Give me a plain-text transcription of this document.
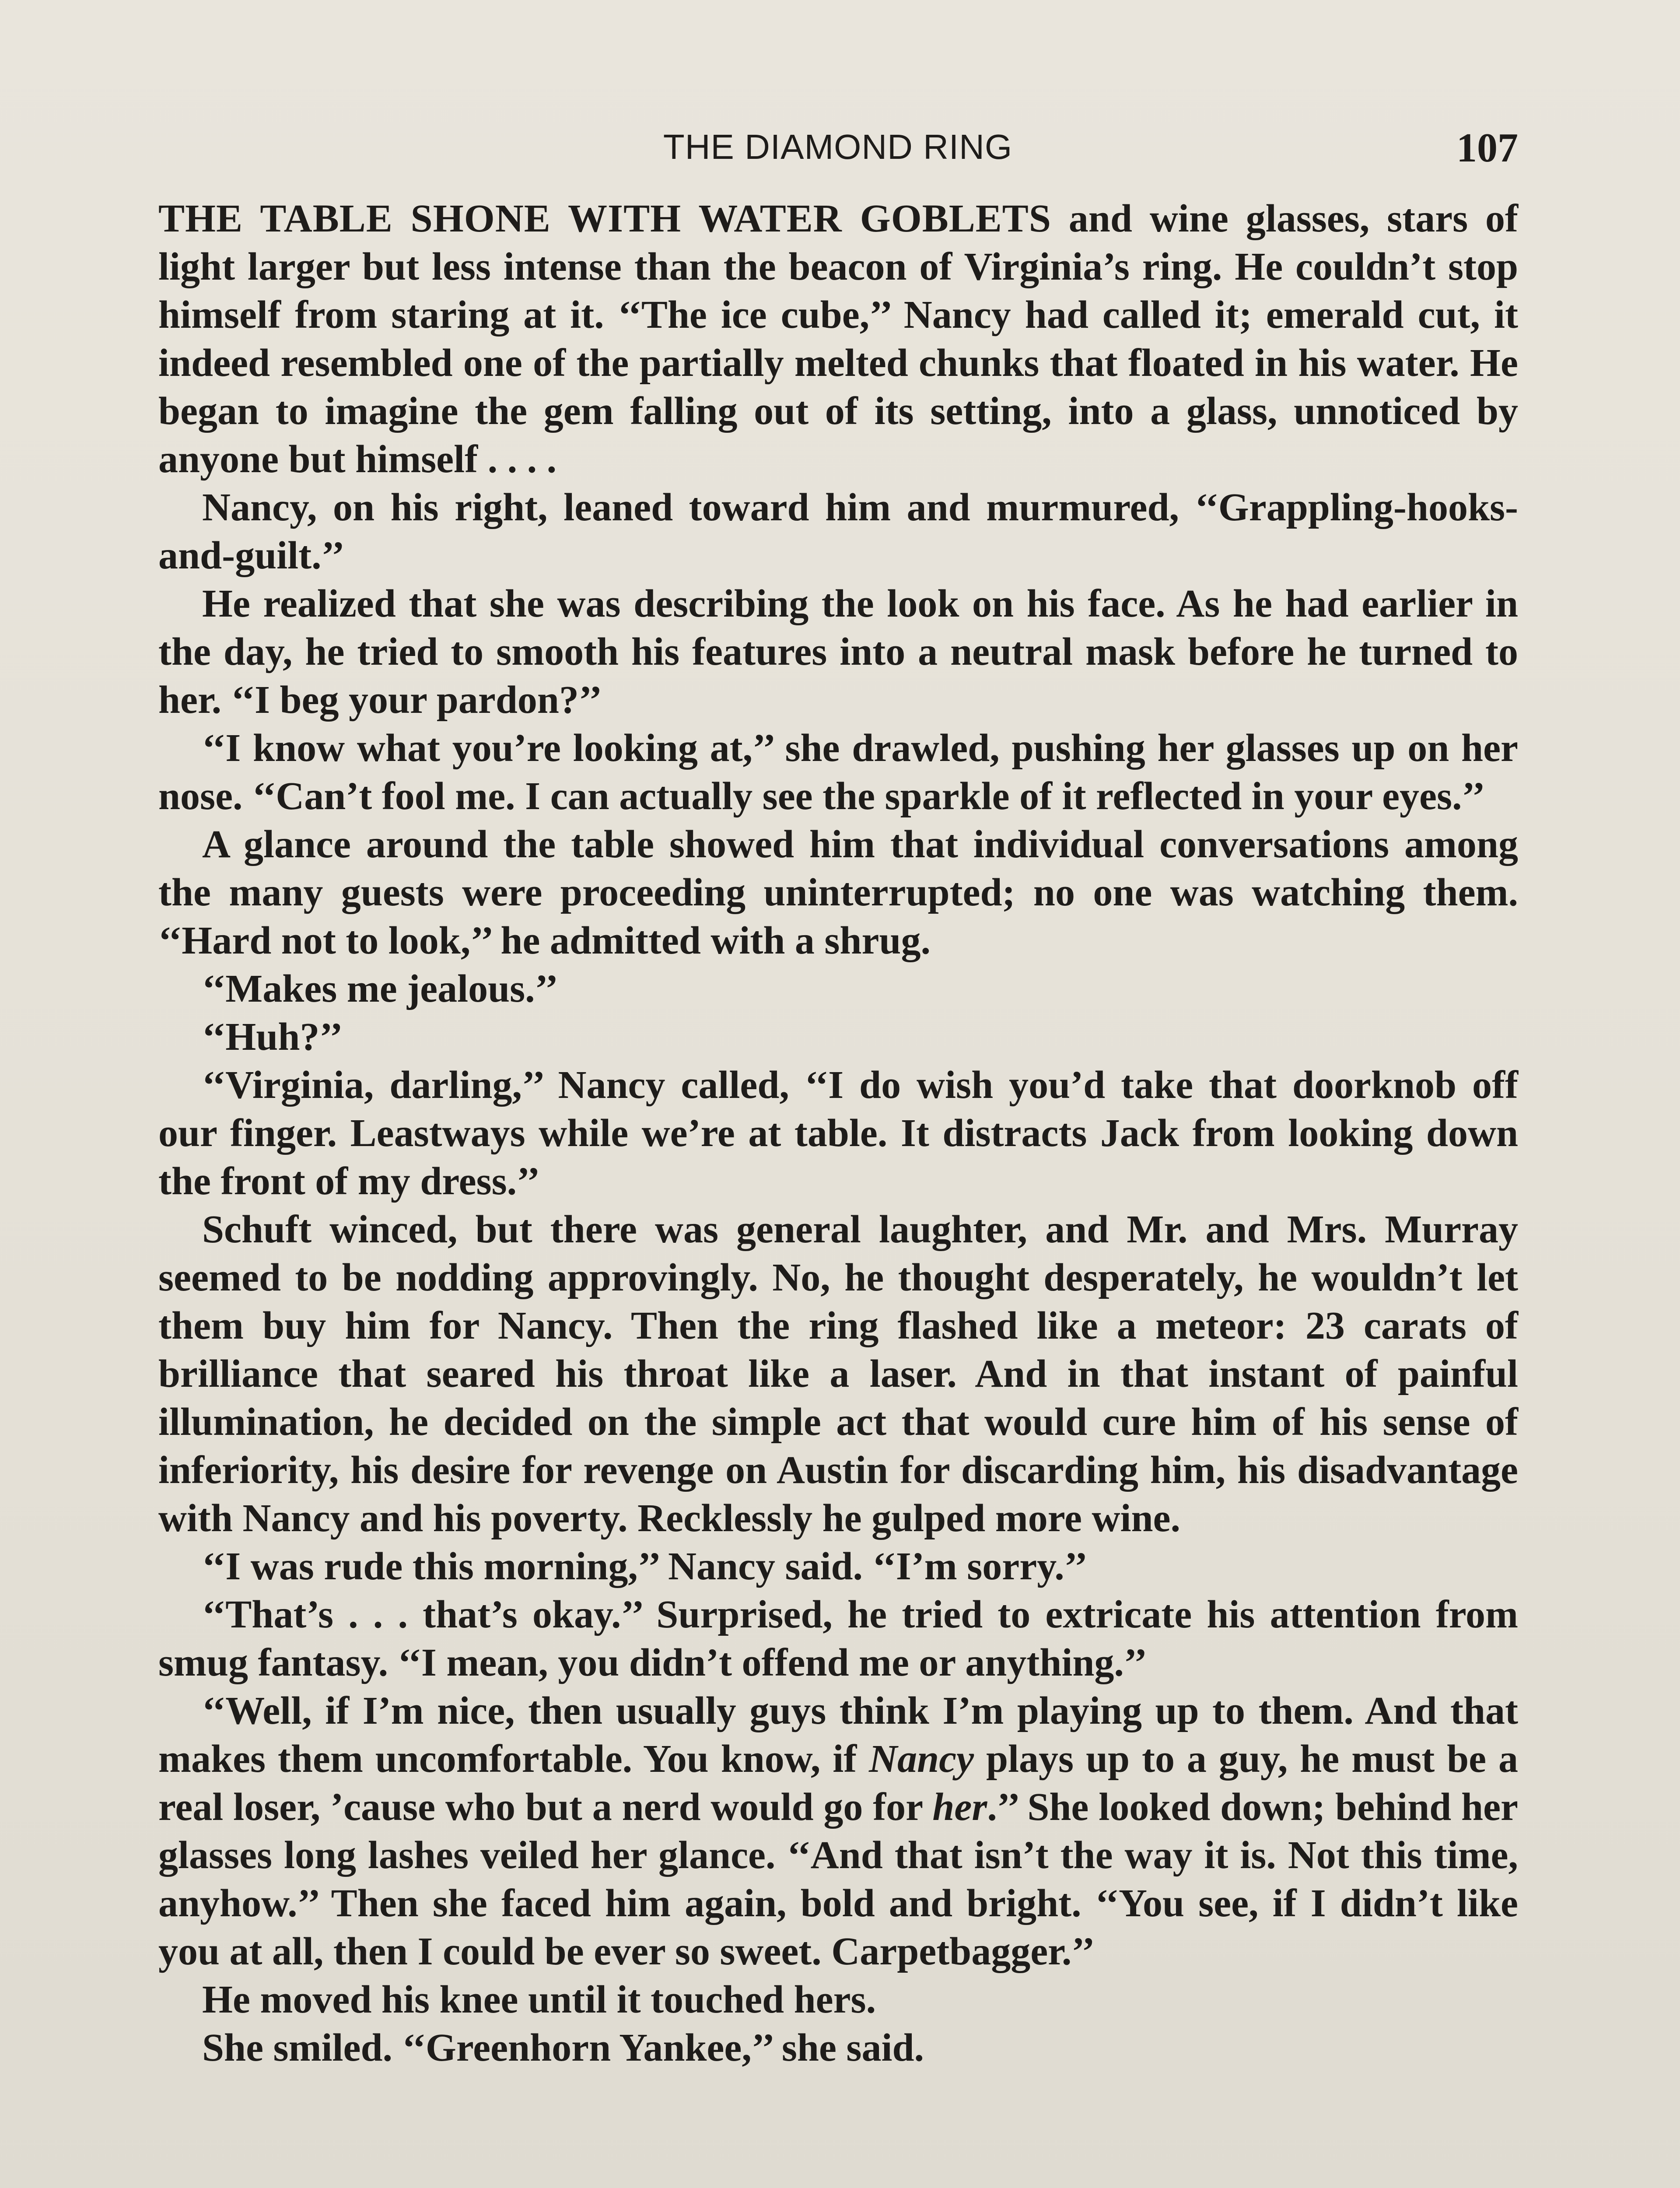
THE DIAMOND RING	107

THE TABLE SHONE WITH WATER GOBLETS and wine glasses, stars of light larger but less intense than the beacon of Virginia’s ring. He couldn’t stop himself from staring at it. ‘‘The ice cube,’’ Nancy had called it; emerald cut, it indeed resembled one of the partially melted chunks that floated in his water. He began to imagine the gem falling out of its setting, into a glass, unnoticed by anyone but himself . . . .

Nancy, on his right, leaned toward him and murmured, ‘‘Grappling-hooks-and-guilt.’’

He realized that she was describing the look on his face. As he had earlier in the day, he tried to smooth his features into a neutral mask before he turned to her. ‘‘I beg your pardon?’’

‘‘I know what you’re looking at,’’ she drawled, pushing her glasses up on her nose. ‘‘Can’t fool me. I can actually see the sparkle of it reflected in your eyes.’’

A glance around the table showed him that individual conversations among the many guests were proceeding uninterrupted; no one was watching them. ‘‘Hard not to look,’’ he admitted with a shrug.

‘‘Makes me jealous.’’

‘‘Huh?’’

‘‘Virginia, darling,’’ Nancy called, ‘‘I do wish you’d take that doorknob off our finger. Leastways while we’re at table. It distracts Jack from looking down the front of my dress.’’

Schuft winced, but there was general laughter, and Mr. and Mrs. Murray seemed to be nodding approvingly. No, he thought desperately, he wouldn’t let them buy him for Nancy. Then the ring flashed like a meteor: 23 carats of brilliance that seared his throat like a laser. And in that instant of painful illumination, he decided on the simple act that would cure him of his sense of inferiority, his desire for revenge on Austin for discarding him, his disadvantage with Nancy and his poverty. Recklessly he gulped more wine.

‘‘I was rude this morning,’’ Nancy said. ‘‘I’m sorry.’’

‘‘That’s . . . that’s okay.’’ Surprised, he tried to extricate his attention from smug fantasy. ‘‘I mean, you didn’t offend me or anything.’’

‘‘Well, if I’m nice, then usually guys think I’m playing up to them. And that makes them uncomfortable. You know, if Nancy plays up to a guy, he must be a real loser, ’cause who but a nerd would go for her.’’ She looked down; behind her glasses long lashes veiled her glance. ‘‘And that isn’t the way it is. Not this time, anyhow.’’ Then she faced him again, bold and bright. ‘‘You see, if I didn’t like you at all, then I could be ever so sweet. Carpetbagger.’’

He moved his knee until it touched hers.

She smiled. ‘‘Greenhorn Yankee,’’ she said.
